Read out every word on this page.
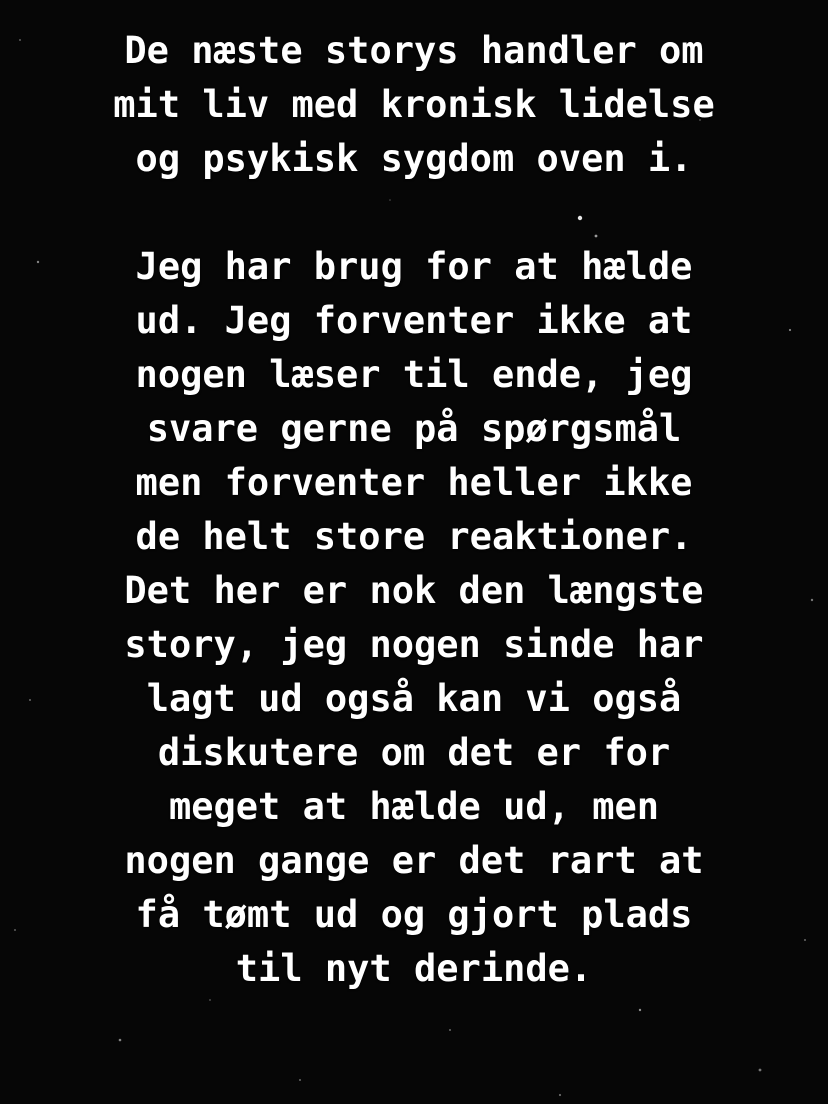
De næste storys handler om
mit liv med kronisk lidelse
og psykisk sygdom oven i.
Jeg har brug for at hælde
ud. Jeg forventer ikke at
nogen læser til ende, jeg
svare gerne på spørgsmål
men forventer heller ikke
de helt store reaktioner.
Det her er nok den længste
story, jeg nogen sinde har
lagt ud også kan vi også
diskutere om det er for
meget at hælde ud, men
nogen gange er det rart at
få tømt ud og gjort plads
til nyt derinde.
